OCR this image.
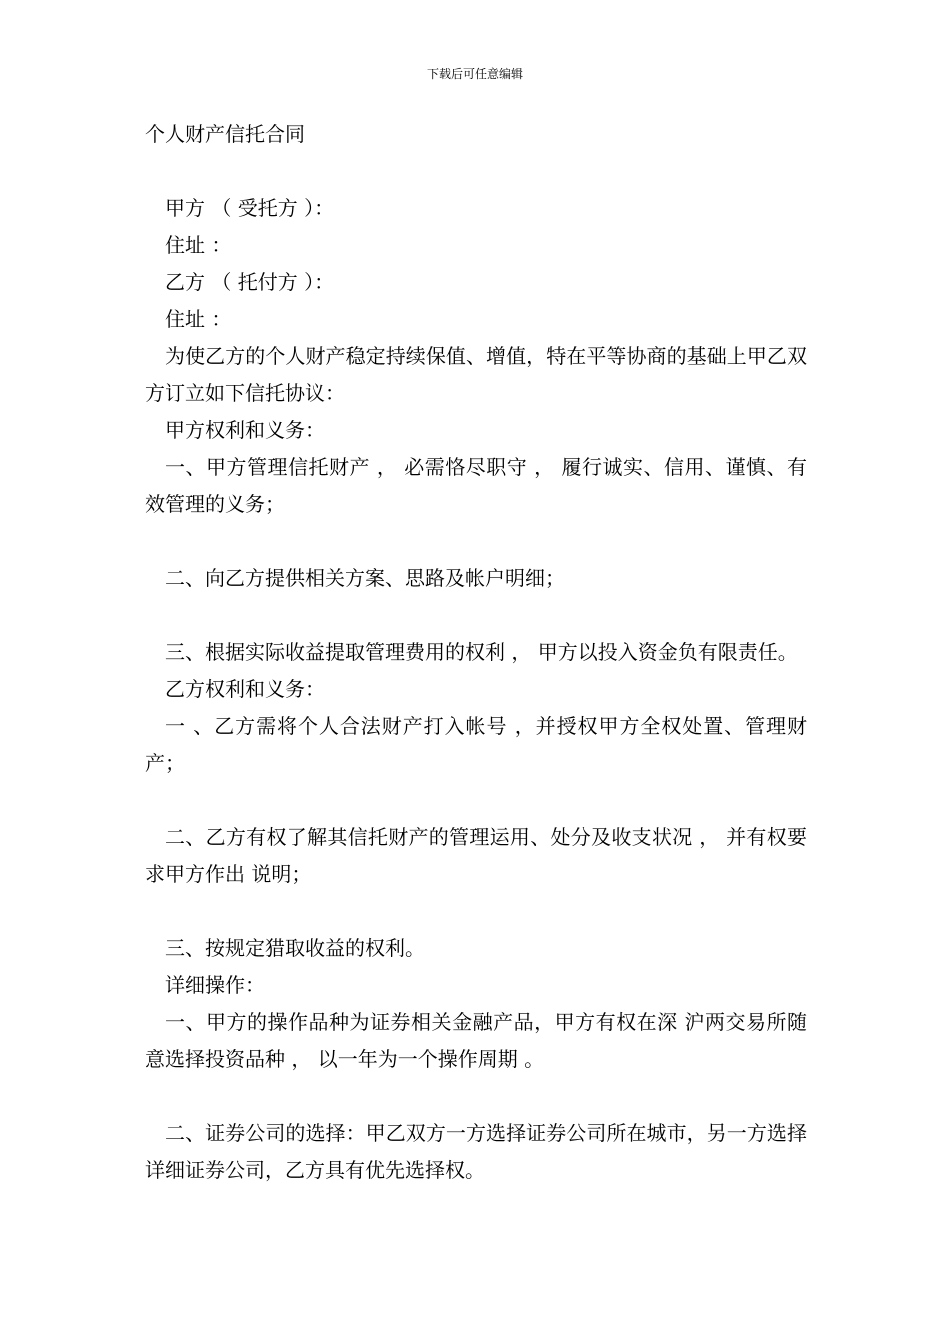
下载后可任意编辑

个人财产信托合同

甲方 （ 受托方 ）：

住址 ：

乙方 （ 托付方 ）：

住址 ：

为使乙方的个人财产稳定持续保值、增值，特在平等协商的基础上甲乙双方订立如下信托协议：

甲方权利和义务：

一、甲方管理信托财产 ， 必需恪尽职守 ， 履行诚实、信用、谨慎、有效管理的义务；

二、向乙方提供相关方案、思路及帐户明细；

三、根据实际收益提取管理费用的权利 ， 甲方以投入资金负有限责任。

乙方权利和义务：

一 、乙方需将个人合法财产打入帐号 ，并授权甲方全权处置、管理财产；

二、乙方有权了解其信托财产的管理运用、处分及收支状况 ， 并有权要求甲方作出 说明；

三、按规定猎取收益的权利。

详细操作：

一、甲方的操作品种为证券相关金融产品，甲方有权在深 沪两交易所随意选择投资品种 ， 以一年为一个操作周期 。

二、证券公司的选择：甲乙双方一方选择证券公司所在城市，另一方选择详细证券公司，乙方具有优先选择权。
